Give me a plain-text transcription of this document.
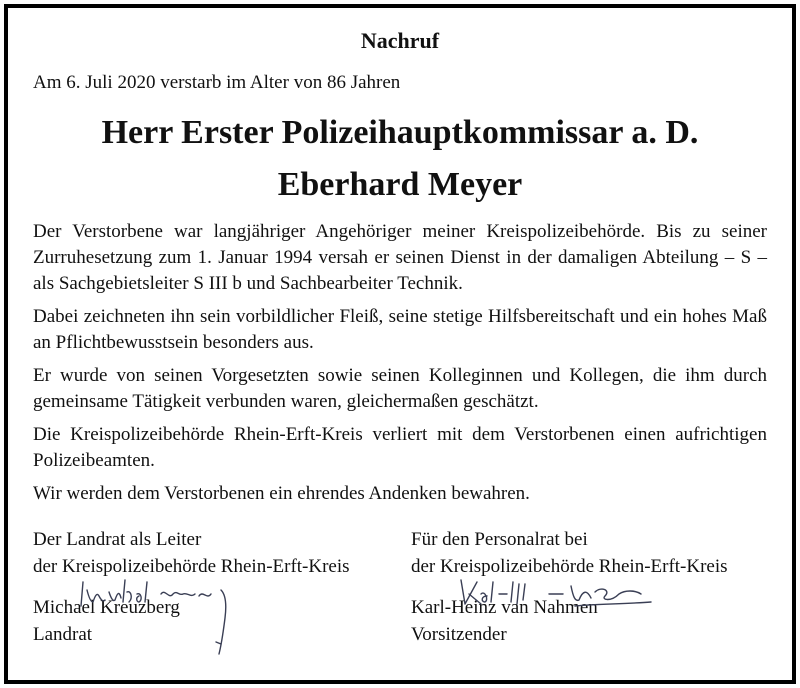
Nachruf
Am 6. Juli 2020 verstarb im Alter von 86 Jahren
Herr Erster Polizeihauptkommissar a. D.
Eberhard Meyer

Der Verstorbene war langjähriger Angehöriger meiner Kreispolizeibehörde. Bis zu seiner Zurruhesetzung zum 1. Januar 1994 versah er seinen Dienst in der damaligen Abteilung – S – als Sachgebietsleiter S III b und Sachbearbeiter Technik.

Dabei zeichneten ihn sein vorbildlicher Fleiß, seine stetige Hilfsbereitschaft und ein hohes Maß an Pflichtbewusstsein besonders aus.

Er wurde von seinen Vorgesetzten sowie seinen Kolleginnen und Kollegen, die ihm durch gemeinsame Tätigkeit verbunden waren, gleichermaßen geschätzt.

Die Kreispolizeibehörde Rhein-Erft-Kreis verliert mit dem Verstorbenen einen aufrichtigen Polizeibeamten.

Wir werden dem Verstorbenen ein ehrendes Andenken bewahren.

Der Landrat als Leiter
der Kreispolizeibehörde Rhein-Erft-Kreis
Michael Kreuzberg
Landrat
Für den Personalrat bei
der Kreispolizeibehörde Rhein-Erft-Kreis
Karl-Heinz van Nahmen
Vorsitzender
